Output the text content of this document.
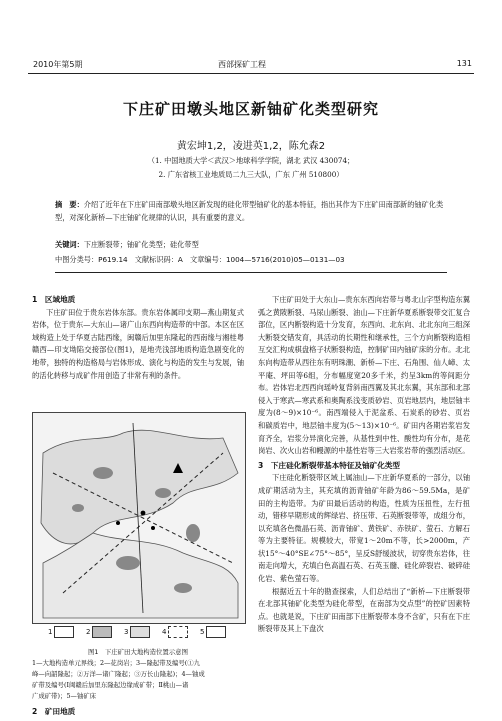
2010年第5期	西部探矿工程	131
下庄矿田墩头地区新铀矿化类型研究
黄宏坤1,2，凌进英1,2，陈允森2
（1. 中国地质大学＜武汉＞地球科学学院，湖北 武汉 430074；
2. 广东省核工业地质局二九三大队，广东 广州 510800）
摘　要：介绍了近年在下庄矿田南部墩头地区新发现的硅化带型铀矿化的基本特征，指出其作为下庄矿田南部新的铀矿化类型，对深化新桥—下庄铀矿化规律的认识，具有重要的意义。
关键词：下庄断裂带；铀矿化类型；硅化带型
中图分类号：P619.14　文献标识码：A　文章编号：1004—5716(2010)05—0131—03
1　区域地质

下庄矿田位于贵东岩体东部。贵东岩体属印支期—燕山期复式岩体，位于贵东—大东山—诸广山东西向构造带的中部。本区在区域构造上处于华夏古陆西缘，闽赣后加里东隆起的西南缘与湘桂粤赣西—印支坳陷交接部位(图1)，是地壳浅部地质构造急剧变化的地带，独特的构造格局与岩体形成、演化与构造的发生与发展，铀的活化转移与成矿作用创造了非常有利的条件。

1	2	3	4	5
图1　下庄矿田大地构造位置示意图
1—大地构造单元界线；2—花岗岩；3—隆起带及编号(①九
峰—向韶隆起；②万洋—诸广隆起；③万长山隆起)；4—铀成
矿带及编号(Ⅰ闽赣后加里东隆起边缘成矿带；Ⅱ桃山—诸
广成矿带)；5—铀矿床
2　矿田地质

下庄矿田处于大东山—贵东东西向岩带与粤北山字型构造东翼弧之黄陂断裂、马尿山断裂、油山—下庄新华夏系断裂带交汇复合部位，区内断裂构造十分发育，东西向、北东向、北北东向三组深大断裂交错发育，具活动的长期性和继承性，三个方向断裂构造相互交汇构成棋盘格子状断裂构造，控制矿田内铀矿床的分布。北北东向构造带从西往东有明珠潮、新桥—下庄、石角围、仙人嶂、太平庵、坪田等6组，分布幅度宽20多千米，约呈3km的等间距分布。岩体岩北西西向瑶岭复背斜南西翼及其北东翼，其东部和北部侵入于寒武—寒武系和奥陶系浅变质砂岩、页岩地层内，地层铀丰度为(8～9)×10⁻⁶。南西端侵入于泥盆系、石炭系的砂岩、页岩和碳质岩中，地层铀丰度为(5～13)×10⁻⁶。矿田内各期岩浆岩发育齐全，岩浆分异演化完善，从基性到中性、酸性均有分布，是花岗岩、次火山岩和幔源的中基性岩等三大岩浆岩带的强烈活动区。

3　下庄硅化断裂带基本特征及铀矿化类型

下庄硅化断裂带区域上属油山—下庄新华夏系的一部分，以铀成矿期活动为主，其充填的沥青铀矿年龄为86～59.5Ma，是矿田的主构造带。为矿田最后活动的构造，性质为压扭性，左行扭动，错移早期形成的辉绿岩、挤压带、石英断裂带等，成组分布，以充填各色微晶石英、沥青铀矿、黄铁矿、赤铁矿、萤石、方解石等为主要特征。规模较大，带宽1～20m不等，长>2000m，产状15°～40°SE∠75°～85°，呈反S舒缓波状，切穿贵东岩体，往南走向增大，充填白色高温石英、石英玉髓、硅化碎裂岩、破碎硅化岩、紫色萤石等。

根据近五十年的勘查探索，人们总结出了“新桥—下庄断裂带在北部其铀矿化类型为硅化带型，在南部为交点型”的控矿因素特点。也就是说，下庄矿田南部下庄断裂带本身不含矿，只有在下庄断裂带及其上下盘次
